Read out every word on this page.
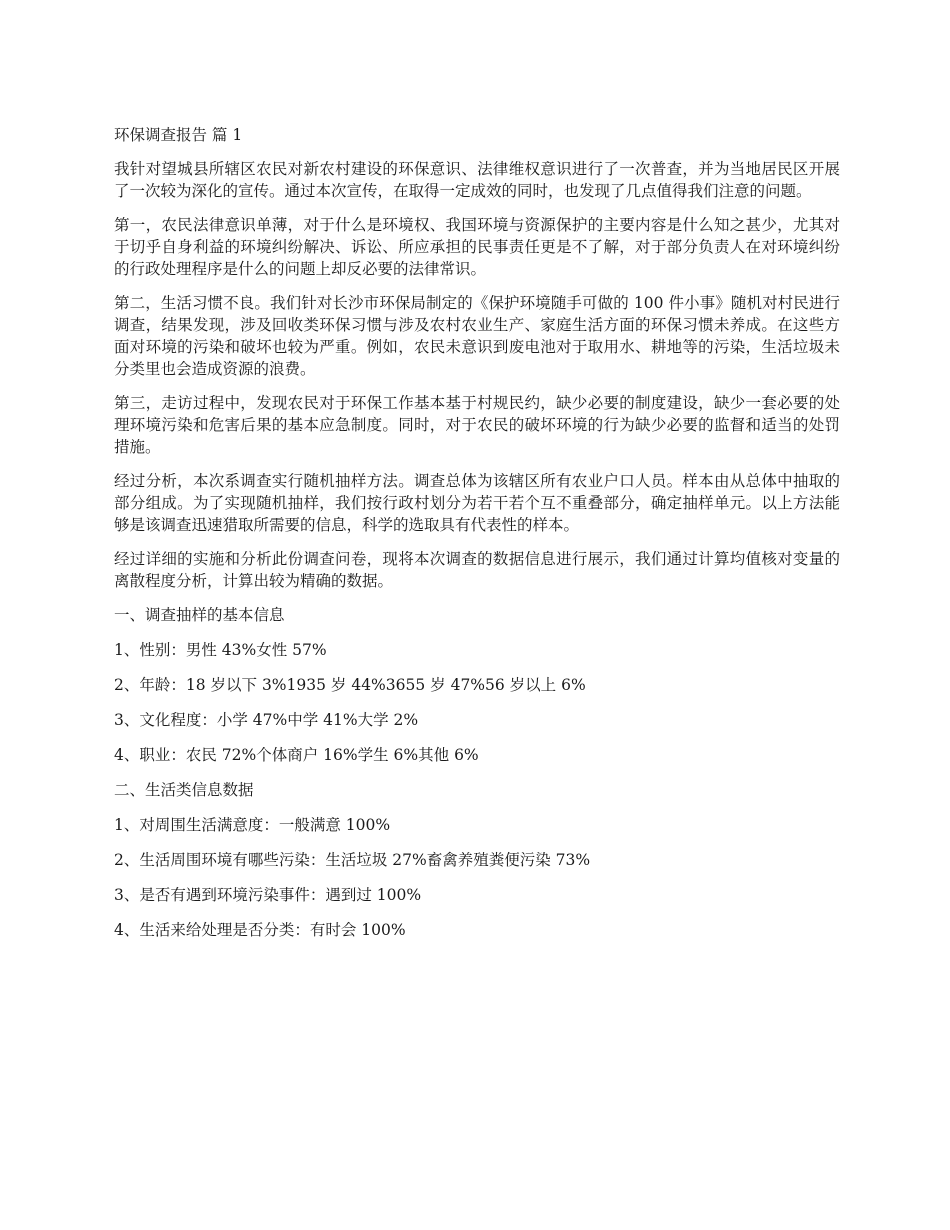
环保调查报告 篇 1
我针对望城县所辖区农民对新农村建设的环保意识、法律维权意识进行了一次普查，并为当地居民区开展了一次较为深化的宣传。通过本次宣传，在取得一定成效的同时，也发现了几点值得我们注意的问题。
第一，农民法律意识单薄，对于什么是环境权、我国环境与资源保护的主要内容是什么知之甚少，尤其对于切乎自身利益的环境纠纷解决、诉讼、所应承担的民事责任更是不了解，对于部分负责人在对环境纠纷的行政处理程序是什么的问题上却反必要的法律常识。
第二，生活习惯不良。我们针对长沙市环保局制定的《保护环境随手可做的 100 件小事》随机对村民进行调查，结果发现，涉及回收类环保习惯与涉及农村农业生产、家庭生活方面的环保习惯未养成。在这些方面对环境的污染和破坏也较为严重。例如，农民未意识到废电池对于取用水、耕地等的污染，生活垃圾未分类里也会造成资源的浪费。
第三，走访过程中，发现农民对于环保工作基本基于村规民约，缺少必要的制度建设，缺少一套必要的处理环境污染和危害后果的基本应急制度。同时，对于农民的破坏环境的行为缺少必要的监督和适当的处罚措施。
经过分析，本次系调查实行随机抽样方法。调查总体为该辖区所有农业户口人员。样本由从总体中抽取的部分组成。为了实现随机抽样，我们按行政村划分为若干若个互不重叠部分，确定抽样单元。以上方法能够是该调查迅速猎取所需要的信息，科学的选取具有代表性的样本。
经过详细的实施和分析此份调查问卷，现将本次调查的数据信息进行展示，我们通过计算均值核对变量的离散程度分析，计算出较为精确的数据。
一、调查抽样的基本信息
1、性别：男性 43%女性 57%
2、年龄：18 岁以下 3%1935 岁 44%3655 岁 47%56 岁以上 6%
3、文化程度：小学 47%中学 41%大学 2%
4、职业：农民 72%个体商户 16%学生 6%其他 6%
二、生活类信息数据
1、对周围生活满意度：一般满意 100%
2、生活周围环境有哪些污染：生活垃圾 27%畜禽养殖粪便污染 73%
3、是否有遇到环境污染事件：遇到过 100%
4、生活来给处理是否分类：有时会 100%
